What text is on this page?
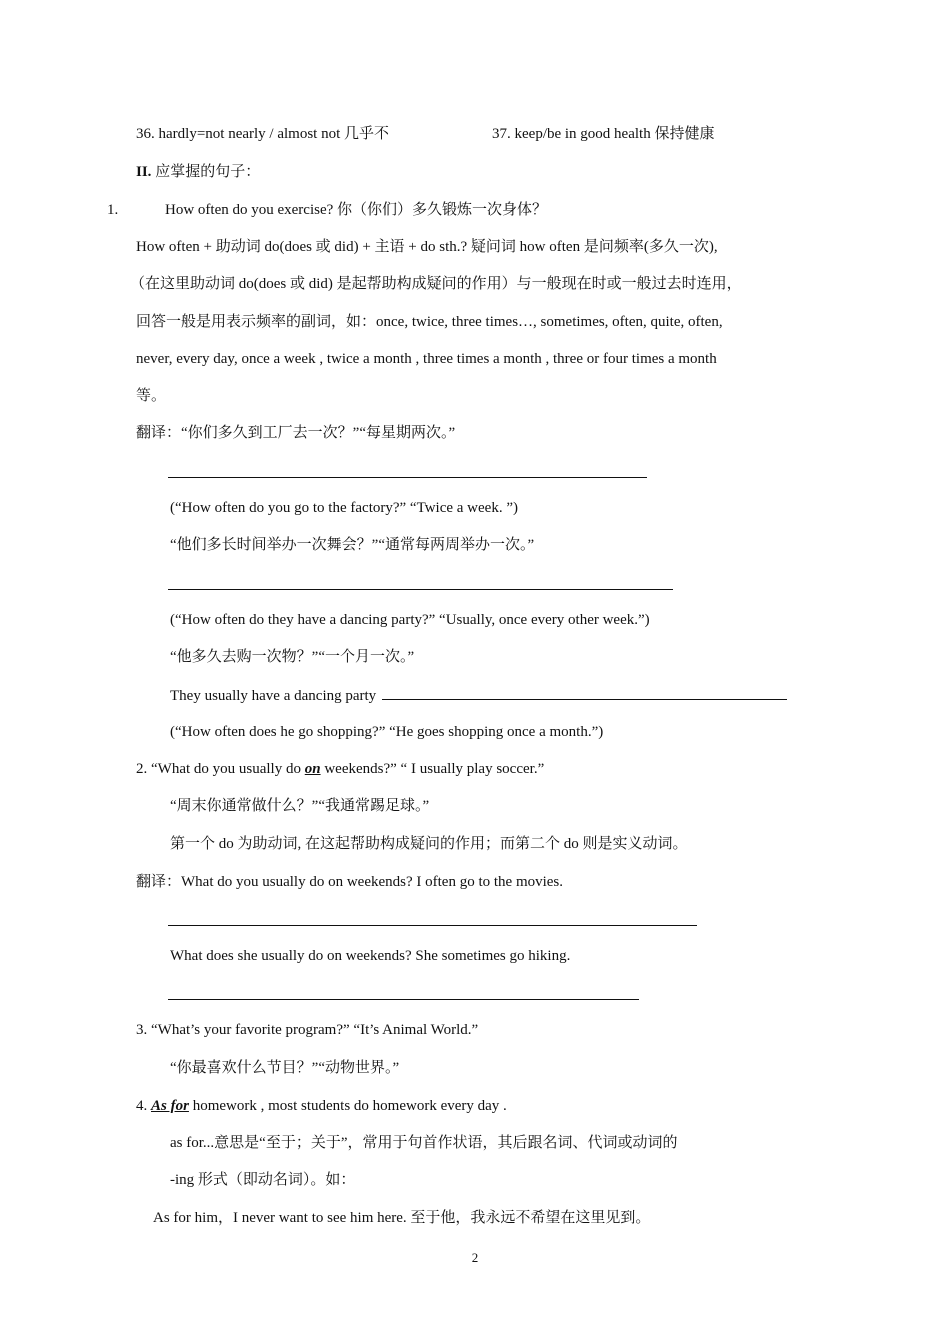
36. hardly=not nearly / almost not 几乎不	37. keep/be in good health 保持健康
II. 应掌握的句子：
1.	How often do you exercise? 你（你们）多久锻炼一次身体？
How often + 助动词 do(does 或 did) + 主语 + do sth.? 疑问词 how often 是问频率(多久一次),
（在这里助动词 do(does 或 did) 是起帮助构成疑问的作用）与一般现在时或一般过去时连用，
回答一般是用表示频率的副词，如：once, twice, three times…, sometimes, often, quite, often,
never, every day, once a week , twice a month , three times a month , three or four times a month
等。
翻译：“你们多久到工厂去一次？”“每星期两次。”
(“How often do you go to the factory?” “Twice a week. ”)
“他们多长时间举办一次舞会？”“通常每两周举办一次。”
(“How often do they have a dancing party?” “Usually, once every other week.”)
“他多久去购一次物？”“一个月一次。”
They usually have a dancing party
(“How often does he go shopping?” “He goes shopping once a month.”)
2. “What do you usually do on weekends?” “ I usually play soccer.”
“周末你通常做什么？”“我通常踢足球。”
第一个 do 为助动词, 在这起帮助构成疑问的作用；而第二个 do 则是实义动词。
翻译：What do you usually do on weekends? I often go to the movies.
What does she usually do on weekends? She sometimes go hiking.
3. “What’s your favorite program?” “It’s Animal World.”
“你最喜欢什么节目？”“动物世界。”
4. As for homework , most students do homework every day .
as for...意思是“至于；关于”，常用于句首作状语，其后跟名词、代词或动词的
-ing 形式（即动名词）。如：
As for him，I never want to see him here. 至于他，我永远不希望在这里见到。
2
